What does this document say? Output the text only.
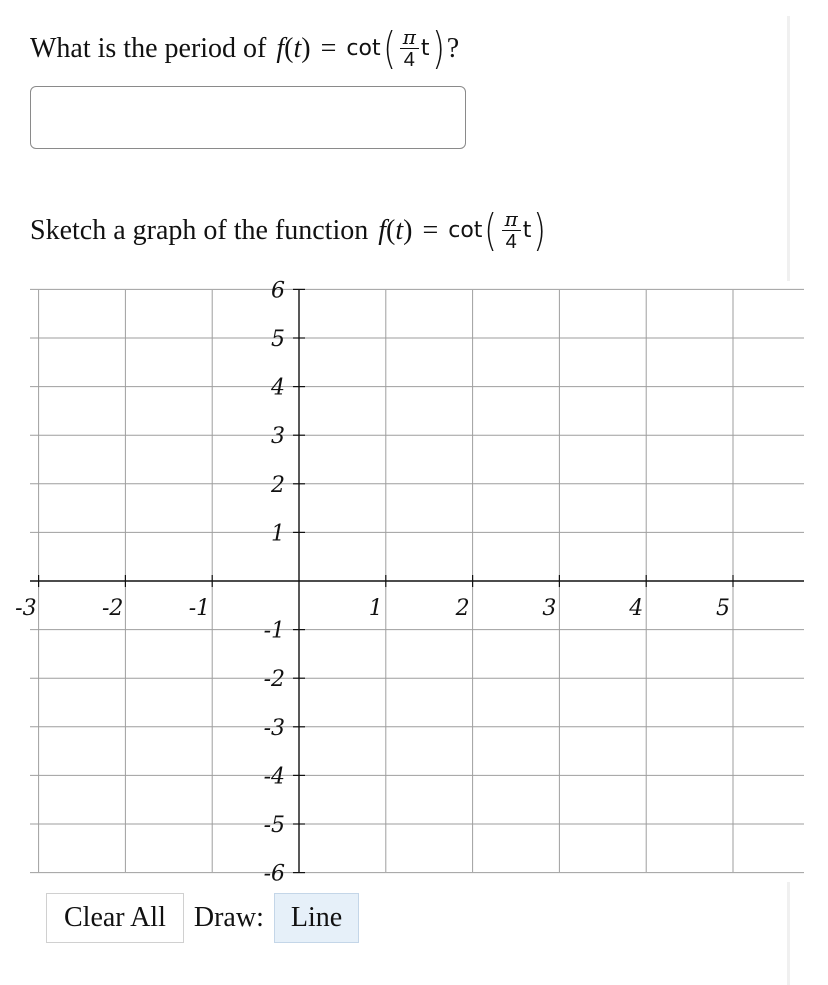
What is the period of f ( t ) = cot ( $\frac{\pi}{4}$ t ) ?
Sketch a graph of the function f ( t ) = cot ( $\frac{\pi}{4}$ t )
-3	-2	-1	1	2	3	4	5
6
5
4
3
2
1
-1
-2
-3
-4
-5
-6
Clear All	Draw: Line
